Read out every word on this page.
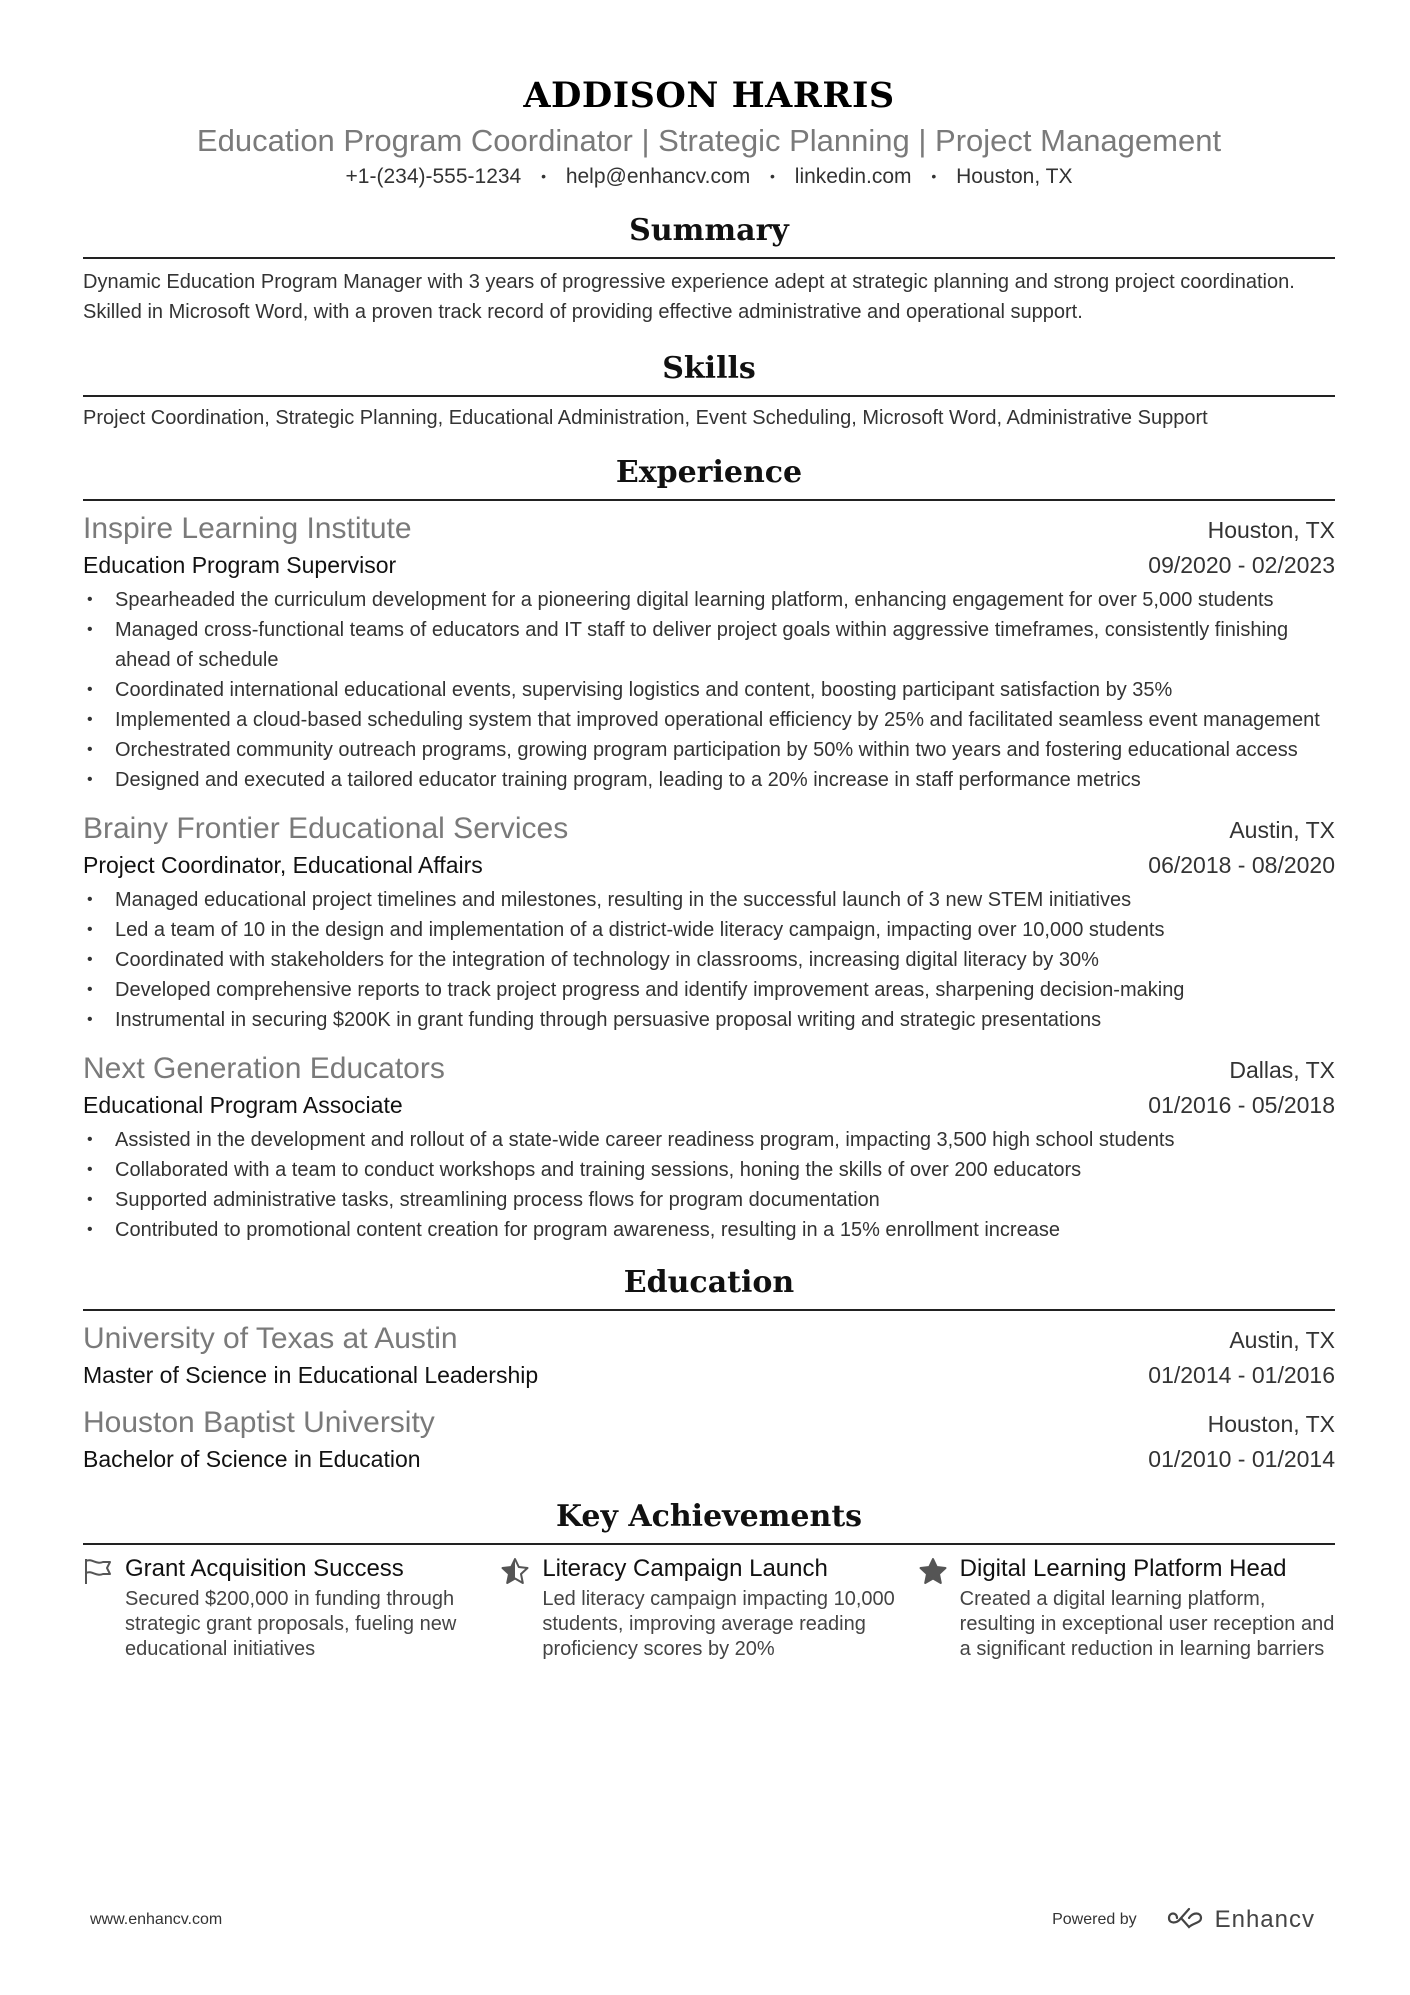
ADDISON HARRIS
Education Program Coordinator | Strategic Planning | Project Management
+1-(234)-555-1234 • help@enhancv.com • linkedin.com • Houston, TX
Summary
Dynamic Education Program Manager with 3 years of progressive experience adept at strategic planning and strong project coordination. Skilled in Microsoft Word, with a proven track record of providing effective administrative and operational support.
Skills
Project Coordination, Strategic Planning, Educational Administration, Event Scheduling, Microsoft Word, Administrative Support
Experience
Inspire Learning Institute	Houston, TX
Education Program Supervisor	09/2020 - 02/2023
• Spearheaded the curriculum development for a pioneering digital learning platform, enhancing engagement for over 5,000 students
• Managed cross-functional teams of educators and IT staff to deliver project goals within aggressive timeframes, consistently finishing ahead of schedule
• Coordinated international educational events, supervising logistics and content, boosting participant satisfaction by 35%
• Implemented a cloud-based scheduling system that improved operational efficiency by 25% and facilitated seamless event management
• Orchestrated community outreach programs, growing program participation by 50% within two years and fostering educational access
• Designed and executed a tailored educator training program, leading to a 20% increase in staff performance metrics
Brainy Frontier Educational Services	Austin, TX
Project Coordinator, Educational Affairs	06/2018 - 08/2020
• Managed educational project timelines and milestones, resulting in the successful launch of 3 new STEM initiatives
• Led a team of 10 in the design and implementation of a district-wide literacy campaign, impacting over 10,000 students
• Coordinated with stakeholders for the integration of technology in classrooms, increasing digital literacy by 30%
• Developed comprehensive reports to track project progress and identify improvement areas, sharpening decision-making
• Instrumental in securing $200K in grant funding through persuasive proposal writing and strategic presentations
Next Generation Educators	Dallas, TX
Educational Program Associate	01/2016 - 05/2018
• Assisted in the development and rollout of a state-wide career readiness program, impacting 3,500 high school students
• Collaborated with a team to conduct workshops and training sessions, honing the skills of over 200 educators
• Supported administrative tasks, streamlining process flows for program documentation
• Contributed to promotional content creation for program awareness, resulting in a 15% enrollment increase
Education
University of Texas at Austin	Austin, TX
Master of Science in Educational Leadership	01/2014 - 01/2016
Houston Baptist University	Houston, TX
Bachelor of Science in Education	01/2010 - 01/2014
Key Achievements
Grant Acquisition Success
Secured $200,000 in funding through strategic grant proposals, fueling new educational initiatives
Literacy Campaign Launch
Led literacy campaign impacting 10,000 students, improving average reading proficiency scores by 20%
Digital Learning Platform Head
Created a digital learning platform, resulting in exceptional user reception and a significant reduction in learning barriers
www.enhancv.com	Powered by	Enhancv
